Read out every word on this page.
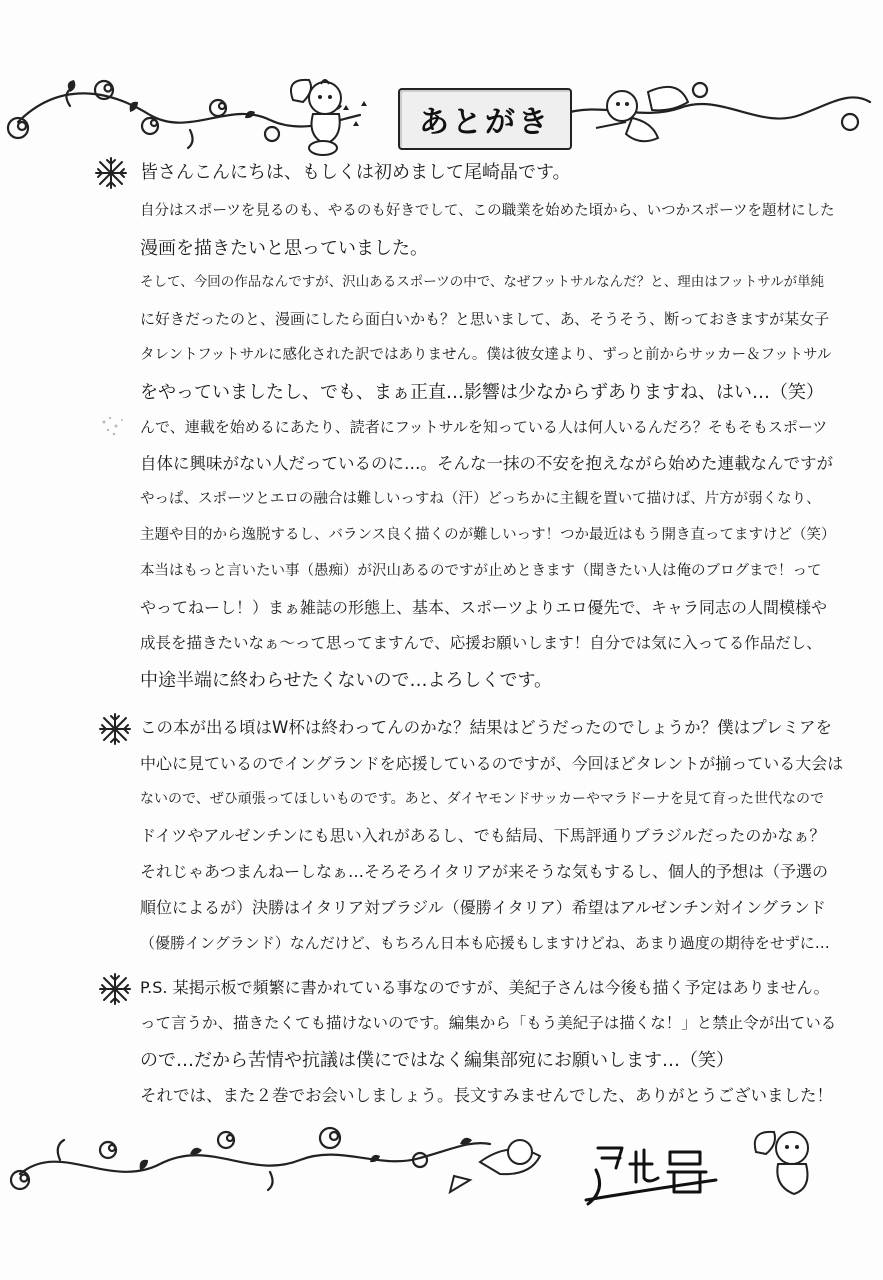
あとがき
皆さんこんにちは、もしくは初めまして尾崎晶です。
自分はスポーツを見るのも、やるのも好きでして、この職業を始めた頃から、いつかスポーツを題材にした
漫画を描きたいと思っていました。
そして、今回の作品なんですが、沢山あるスポーツの中で、なぜフットサルなんだ？と、理由はフットサルが単純
に好きだったのと、漫画にしたら面白いかも？と思いまして、あ、そうそう、断っておきますが某女子
タレントフットサルに感化された訳ではありません。僕は彼女達より、ずっと前からサッカー＆フットサル
をやっていましたし、でも、まぁ正直…影響は少なからずありますね、はい…（笑）
んで、連載を始めるにあたり、読者にフットサルを知っている人は何人いるんだろ？そもそもスポーツ
自体に興味がない人だっているのに…。そんな一抹の不安を抱えながら始めた連載なんですが
やっぱ、スポーツとエロの融合は難しいっすね（汗）どっちかに主観を置いて描けば、片方が弱くなり、
主題や目的から逸脱するし、バランス良く描くのが難しいっす！つか最近はもう開き直ってますけど（笑）
本当はもっと言いたい事（愚痴）が沢山あるのですが止めときます（聞きたい人は俺のブログまで！って
やってねーし！）まぁ雑誌の形態上、基本、スポーツよりエロ優先で、キャラ同志の人間模様や
成長を描きたいなぁ〜って思ってますんで、応援お願いします！自分では気に入ってる作品だし、
中途半端に終わらせたくないので…よろしくです。
この本が出る頃はW杯は終わってんのかな？結果はどうだったのでしょうか？僕はプレミアを
中心に見ているのでイングランドを応援しているのですが、今回ほどタレントが揃っている大会は
ないので、ぜひ頑張ってほしいものです。あと、ダイヤモンドサッカーやマラドーナを見て育った世代なので
ドイツやアルゼンチンにも思い入れがあるし、でも結局、下馬評通りブラジルだったのかなぁ？
それじゃあつまんねーしなぁ…そろそろイタリアが来そうな気もするし、個人的予想は（予選の
順位によるが）決勝はイタリア対ブラジル（優勝イタリア）希望はアルゼンチン対イングランド
（優勝イングランド）なんだけど、もちろん日本も応援もしますけどね、あまり過度の期待をせずに…
P.S. 某掲示板で頻繁に書かれている事なのですが、美紀子さんは今後も描く予定はありません。
って言うか、描きたくても描けないのです。編集から「もう美紀子は描くな！」と禁止令が出ている
ので…だから苦情や抗議は僕にではなく編集部宛にお願いします…（笑）
それでは、また２巻でお会いしましょう。長文すみませんでした、ありがとうございました！
